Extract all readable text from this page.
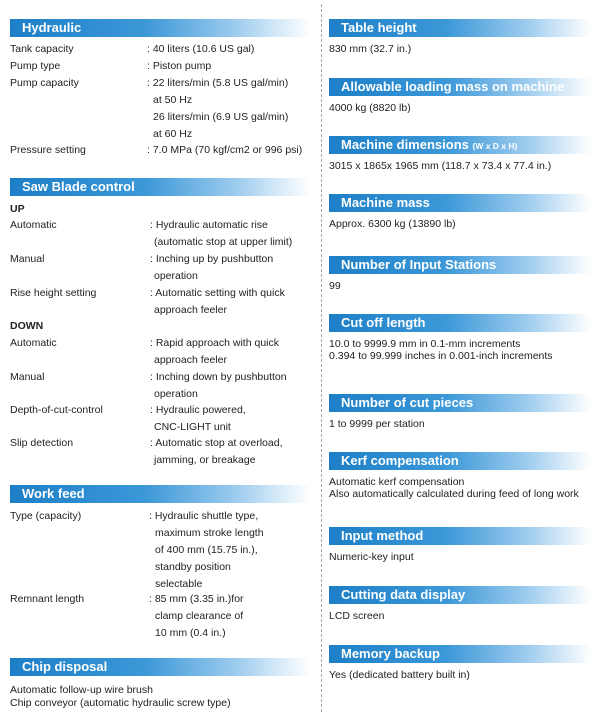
Hydraulic
Tank capacity	: 40 liters (10.6 US gal)
Pump type	: Piston pump
Pump capacity	: 22 liters/min (5.8 US gal/min)
at 50 Hz
26 liters/min (6.9 US gal/min)
at 60 Hz
Pressure setting	: 7.0 MPa (70 kgf/cm2 or 996 psi)
Saw Blade control
UP
Automatic	: Hydraulic automatic rise
(automatic stop at upper limit)
Manual	: Inching up by pushbutton
operation
Rise height setting	: Automatic setting with quick
approach feeler
DOWN
Automatic	: Rapid approach with quick
approach feeler
Manual	: Inching down by pushbutton
operation
Depth-of-cut-control	: Hydraulic powered,
CNC-LIGHT unit
Slip detection	: Automatic stop at overload,
jamming, or breakage
Work feed
Type (capacity)	: Hydraulic shuttle type,
maximum stroke length
of 400 mm (15.75 in.),
standby position
selectable
Remnant length	: 85 mm (3.35 in.)for
clamp clearance of
10 mm (0.4 in.)
Chip disposal
Automatic follow-up wire brush
Chip conveyor (automatic hydraulic screw type)
Table height
830 mm (32.7 in.)
Allowable loading mass on machine
4000 kg (8820 lb)
Machine dimensions (W x D x H)
3015 x 1865x 1965 mm (118.7 x 73.4 x 77.4 in.)
Machine mass
Approx. 6300 kg (13890 lb)
Number of Input Stations
99
Cut off length
10.0 to 9999.9 mm in 0.1-mm increments
0.394 to 99.999 inches in 0.001-inch increments
Number of cut pieces
1 to 9999 per station
Kerf compensation
Automatic kerf compensation
Also automatically calculated during feed of long work
Input method
Numeric-key input
Cutting data display
LCD screen
Memory backup
Yes (dedicated battery built in)
